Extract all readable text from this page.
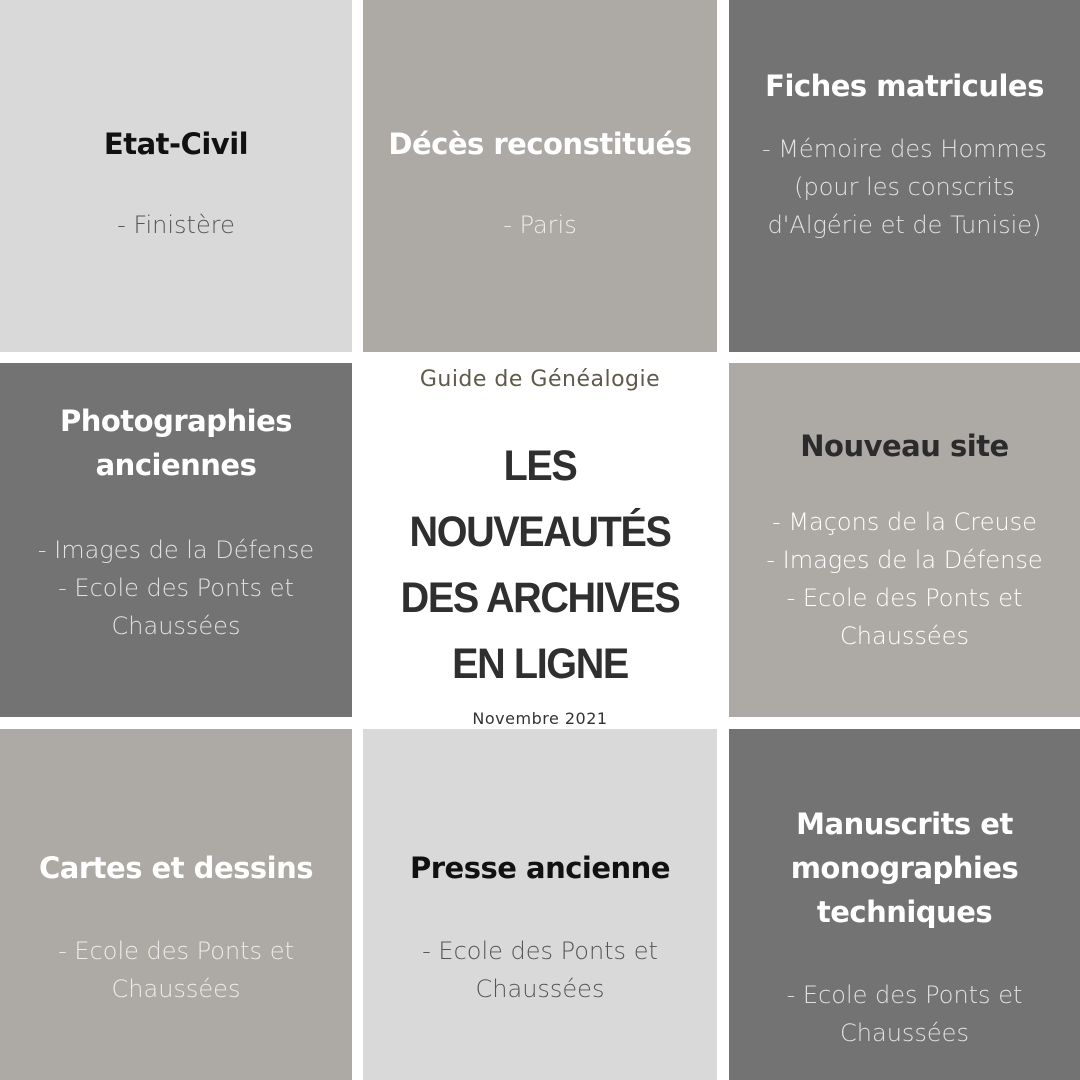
Etat-Civil

- Finistère

Décès reconstitués

- Paris

Fiches matricules

- Mémoire des Hommes
(pour les conscrits
d'Algérie et de Tunisie)

Photographies
anciennes

- Images de la Défense
- Ecole des Ponts et
Chaussées

Guide de Généalogie
LES NOUVEAUTÉS
DES ARCHIVES
EN LIGNE
Novembre 2021

Nouveau site

- Maçons de la Creuse
- Images de la Défense
- Ecole des Ponts et
Chaussées

Cartes et dessins

- Ecole des Ponts et
Chaussées

Presse ancienne

- Ecole des Ponts et
Chaussées

Manuscrits et
monographies
techniques

- Ecole des Ponts et
Chaussées
